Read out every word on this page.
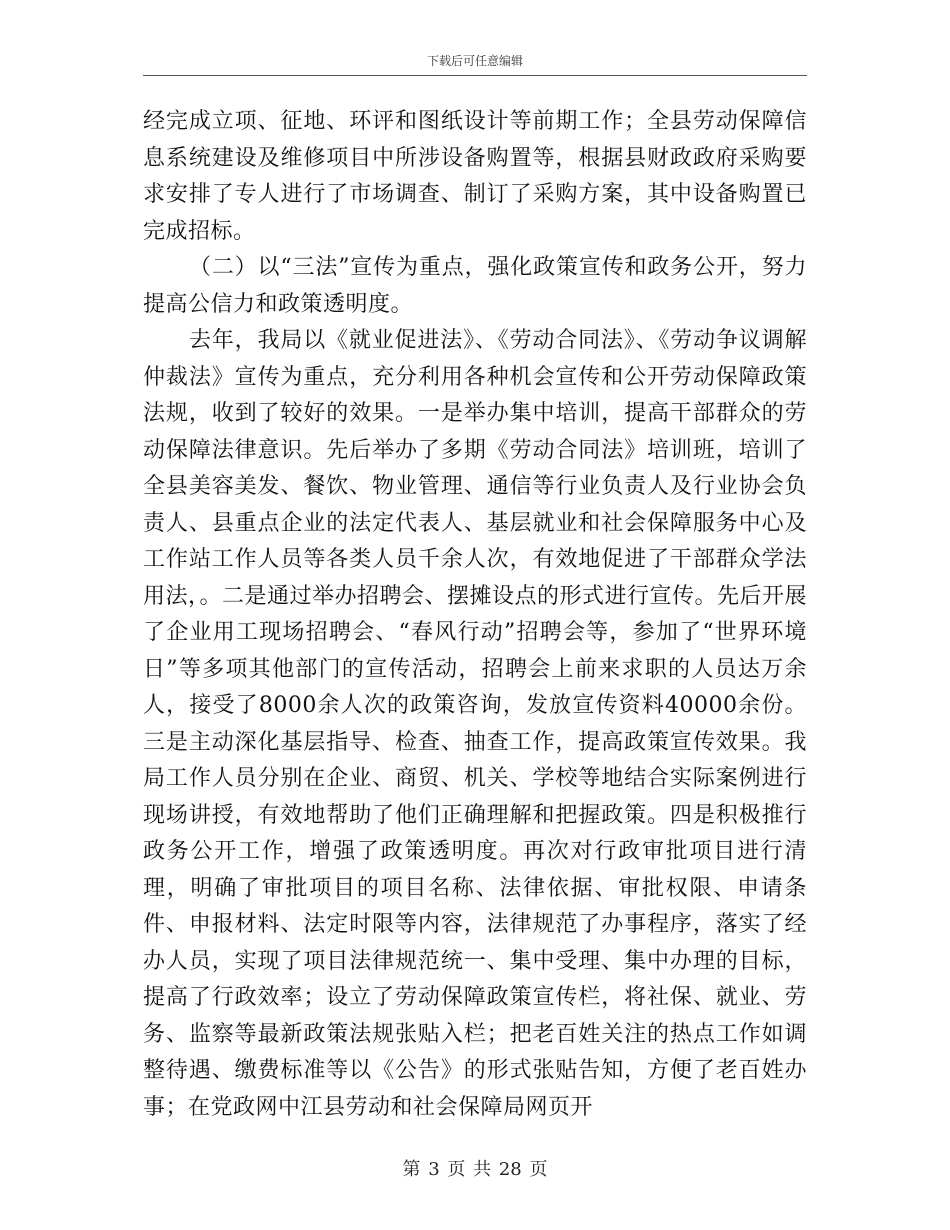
下载后可任意编辑

经完成立项、征地、环评和图纸设计等前期工作；全县劳动保障信息系统建设及维修项目中所涉设备购置等，根据县财政政府采购要求安排了专人进行了市场调查、制订了采购方案，其中设备购置已完成招标。

（二）以“三法”宣传为重点，强化政策宣传和政务公开，努力提高公信力和政策透明度。

去年，我局以《就业促进法》、《劳动合同法》、《劳动争议调解仲裁法》宣传为重点，充分利用各种机会宣传和公开劳动保障政策法规，收到了较好的效果。一是举办集中培训，提高干部群众的劳动保障法律意识。先后举办了多期《劳动合同法》培训班，培训了全县美容美发、餐饮、物业管理、通信等行业负责人及行业协会负责人、县重点企业的法定代表人、基层就业和社会保障服务中心及工作站工作人员等各类人员千余人次，有效地促进了干部群众学法用法，。二是通过举办招聘会、摆摊设点的形式进行宣传。先后开展了企业用工现场招聘会、“春风行动”招聘会等，参加了“世界环境日”等多项其他部门的宣传活动，招聘会上前来求职的人员达万余人，接受了8000余人次的政策咨询，发放宣传资料40000余份。三是主动深化基层指导、检查、抽查工作，提高政策宣传效果。我局工作人员分别在企业、商贸、机关、学校等地结合实际案例进行现场讲授，有效地帮助了他们正确理解和把握政策。四是积极推行政务公开工作，增强了政策透明度。再次对行政审批项目进行清理，明确了审批项目的项目名称、法律依据、审批权限、申请条件、申报材料、法定时限等内容，法律规范了办事程序，落实了经办人员，实现了项目法律规范统一、集中受理、集中办理的目标，提高了行政效率；设立了劳动保障政策宣传栏，将社保、就业、劳务、监察等最新政策法规张贴入栏；把老百姓关注的热点工作如调整待遇、缴费标准等以《公告》的形式张贴告知，方便了老百姓办事；在党政网中江县劳动和社会保障局网页开

第 3 页 共 28 页
